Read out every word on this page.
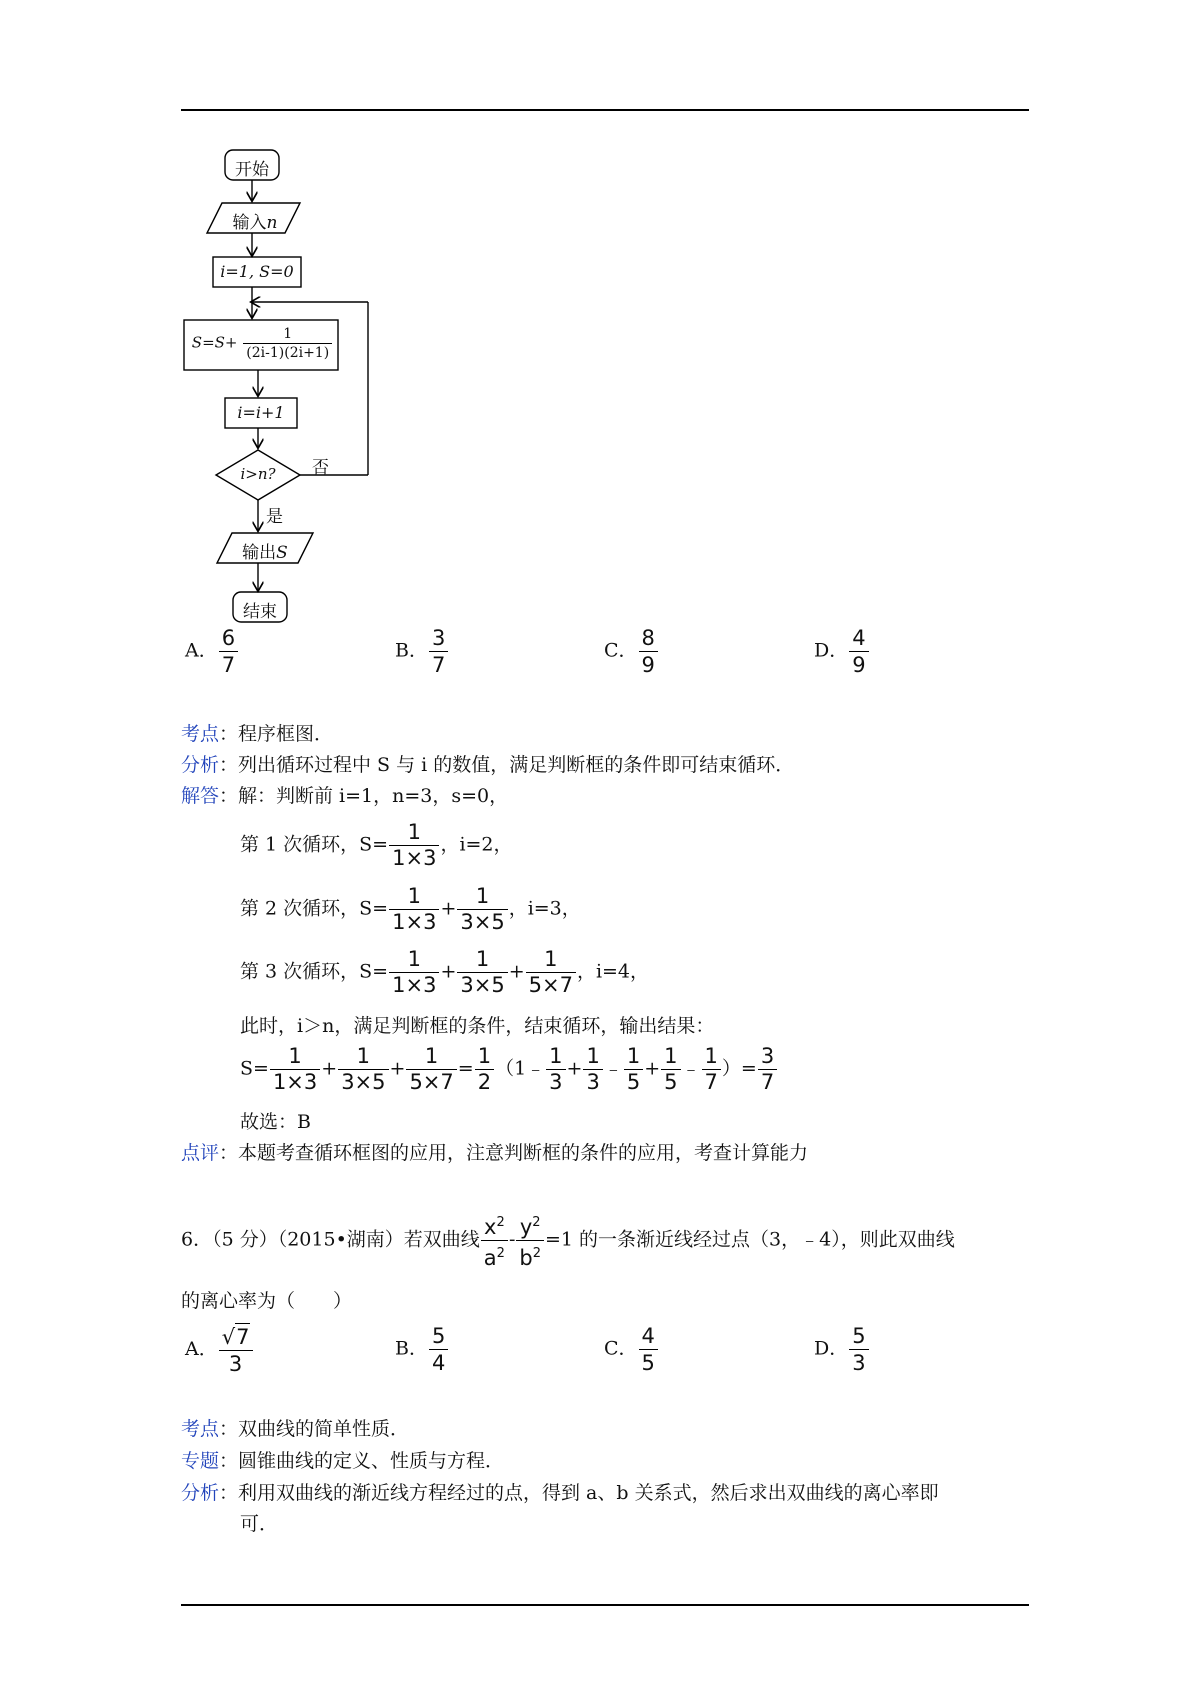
开始
输入n
i=1, S=0
$S=S+ \frac{1}{(2i-1)(2i+1)}$
i=i+1
i>n?	否
是
输出S
结束
A． $\frac{6}{7}$	B． $\frac{3}{7}$	C． $\frac{8}{9}$	D． $\frac{4}{9}$
考点：程序框图．
分析：列出循环过程中 S 与 i 的数值，满足判断框的条件即可结束循环．
解答：解：判断前 i=1，n=3，s=0，
第 1 次循环，$S= \frac{1}{1\times 3}$ ，i=2，
第 2 次循环，$S= \frac{1}{1\times 3} + \frac{1}{3\times 5}$ ，i=3，
第 3 次循环，$S= \frac{1}{1\times 3} + \frac{1}{3\times 5} + \frac{1}{5\times 7}$ ，i=4，
此时，i＞n，满足判断框的条件，结束循环，输出结果：
$S= \frac{1}{1\times 3} + \frac{1}{3\times 5} + \frac{1}{5\times 7} = \frac{1}{2}$ （1﹣ $\frac{1}{3} + \frac{1}{3}$ ﹣ $\frac{1}{5} + \frac{1}{5}$ ﹣ $\frac{1}{7}$ ）= $\frac{3}{7}$
故选：B
点评：本题考查循环框图的应用，注意判断框的条件的应用，考查计算能力
6．（5 分）（2015•湖南）若双曲线 $\frac{x^2}{a^2} - \frac{y^2}{b^2} =1$ 的一条渐近线经过点（3，﹣4），则此双曲线
的离心率为（　　）
A． $\frac{√7}{3}$	B． $\frac{5}{4}$	C． $\frac{4}{5}$	D． $\frac{5}{3}$
考点：双曲线的简单性质．
专题：圆锥曲线的定义、性质与方程．
分析：利用双曲线的渐近线方程经过的点，得到 a、b 关系式，然后求出双曲线的离心率即
可．
